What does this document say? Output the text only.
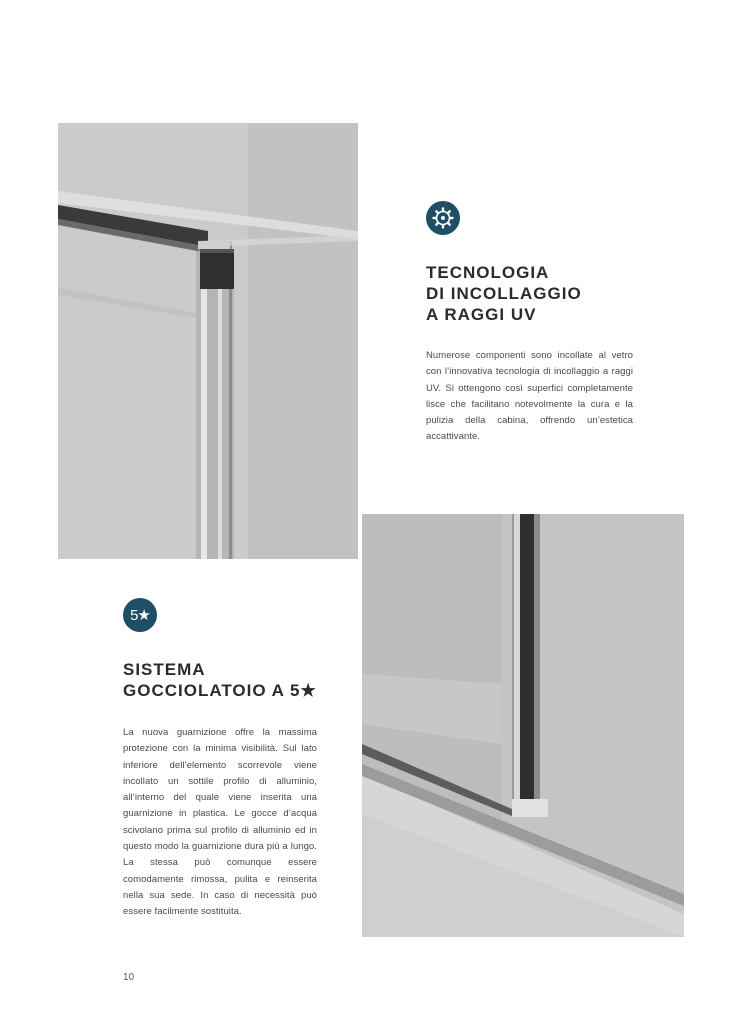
TECNOLOGIA
DI INCOLLAGGIO
A RAGGI UV

Numerose componenti sono incollate al vetro con l’innovativa tecnologia di incollaggio a raggi UV. Si ottengono così superfici completamente lisce che facilitano notevolmente la cura e la pulizia della cabina, offrendo un’estetica accattivante.

5★
SISTEMA
GOCCIOLATOIO A 5★

La nuova guarnizione offre la massima protezione con la minima visibilità. Sul lato inferiore dell’elemento scorrevole viene incollato un sottile profilo di alluminio, all’interno del quale viene inserita una guarnizione in plastica. Le gocce d’acqua scivolano prima sul profilo di alluminio ed in questo modo la guarnizione dura più a lungo. La stessa può comunque essere comodamente rimossa, pulita e reinserita nella sua sede. In caso di necessità può essere facilmente sostituita.

10
